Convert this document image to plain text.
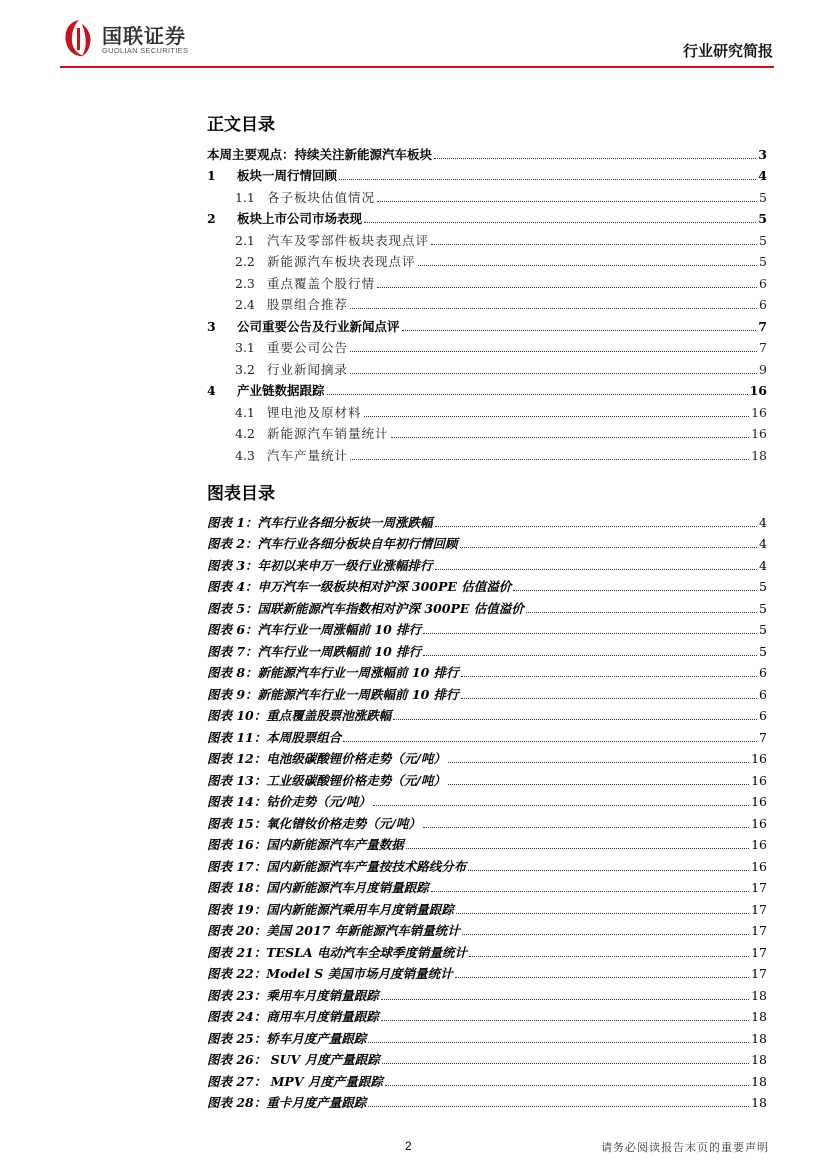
国联证券
GUOLIAN SECURITIES	行业研究简报
正文目录
本周主要观点：持续关注新能源汽车板块	3
1	板块一周行情回顾	4
1.1 各子板块估值情况	5
2	板块上市公司市场表现	5
2.1 汽车及零部件板块表现点评	5
2.2 新能源汽车板块表现点评	5
2.3 重点覆盖个股行情	6
2.4 股票组合推荐	6
3	公司重要公告及行业新闻点评	7
3.1 重要公司公告	7
3.2 行业新闻摘录	9
4	产业链数据跟踪	16
4.1 锂电池及原材料	16
4.2 新能源汽车销量统计	16
4.3 汽车产量统计	18
图表目录
图表 1：汽车行业各细分板块一周涨跌幅	4
图表 2：汽车行业各细分板块自年初行情回顾	4
图表 3：年初以来申万一级行业涨幅排行	4
图表 4：申万汽车一级板块相对沪深 300PE 估值溢价	5
图表 5：国联新能源汽车指数相对沪深 300PE 估值溢价	5
图表 6：汽车行业一周涨幅前 10 排行	5
图表 7：汽车行业一周跌幅前 10 排行	5
图表 8：新能源汽车行业一周涨幅前 10 排行	6
图表 9：新能源汽车行业一周跌幅前 10 排行	6
图表 10：重点覆盖股票池涨跌幅	6
图表 11：本周股票组合	7
图表 12：电池级碳酸锂价格走势（元/吨）	16
图表 13：工业级碳酸锂价格走势（元/吨）	16
图表 14：钴价走势（元/吨）	16
图表 15：氧化镨钕价格走势（元/吨）	16
图表 16：国内新能源汽车产量数据	16
图表 17：国内新能源汽车产量按技术路线分布	16
图表 18：国内新能源汽车月度销量跟踪	17
图表 19：国内新能源汽乘用车月度销量跟踪	17
图表 20：美国 2017 年新能源汽车销量统计	17
图表 21：TESLA 电动汽车全球季度销量统计	17
图表 22：Model S 美国市场月度销量统计	17
图表 23：乘用车月度销量跟踪	18
图表 24：商用车月度销量跟踪	18
图表 25：轿车月度产量跟踪	18
图表 26： SUV 月度产量跟踪	18
图表 27： MPV 月度产量跟踪	18
图表 28：重卡月度产量跟踪	18
2	请务必阅读报告末页的重要声明
